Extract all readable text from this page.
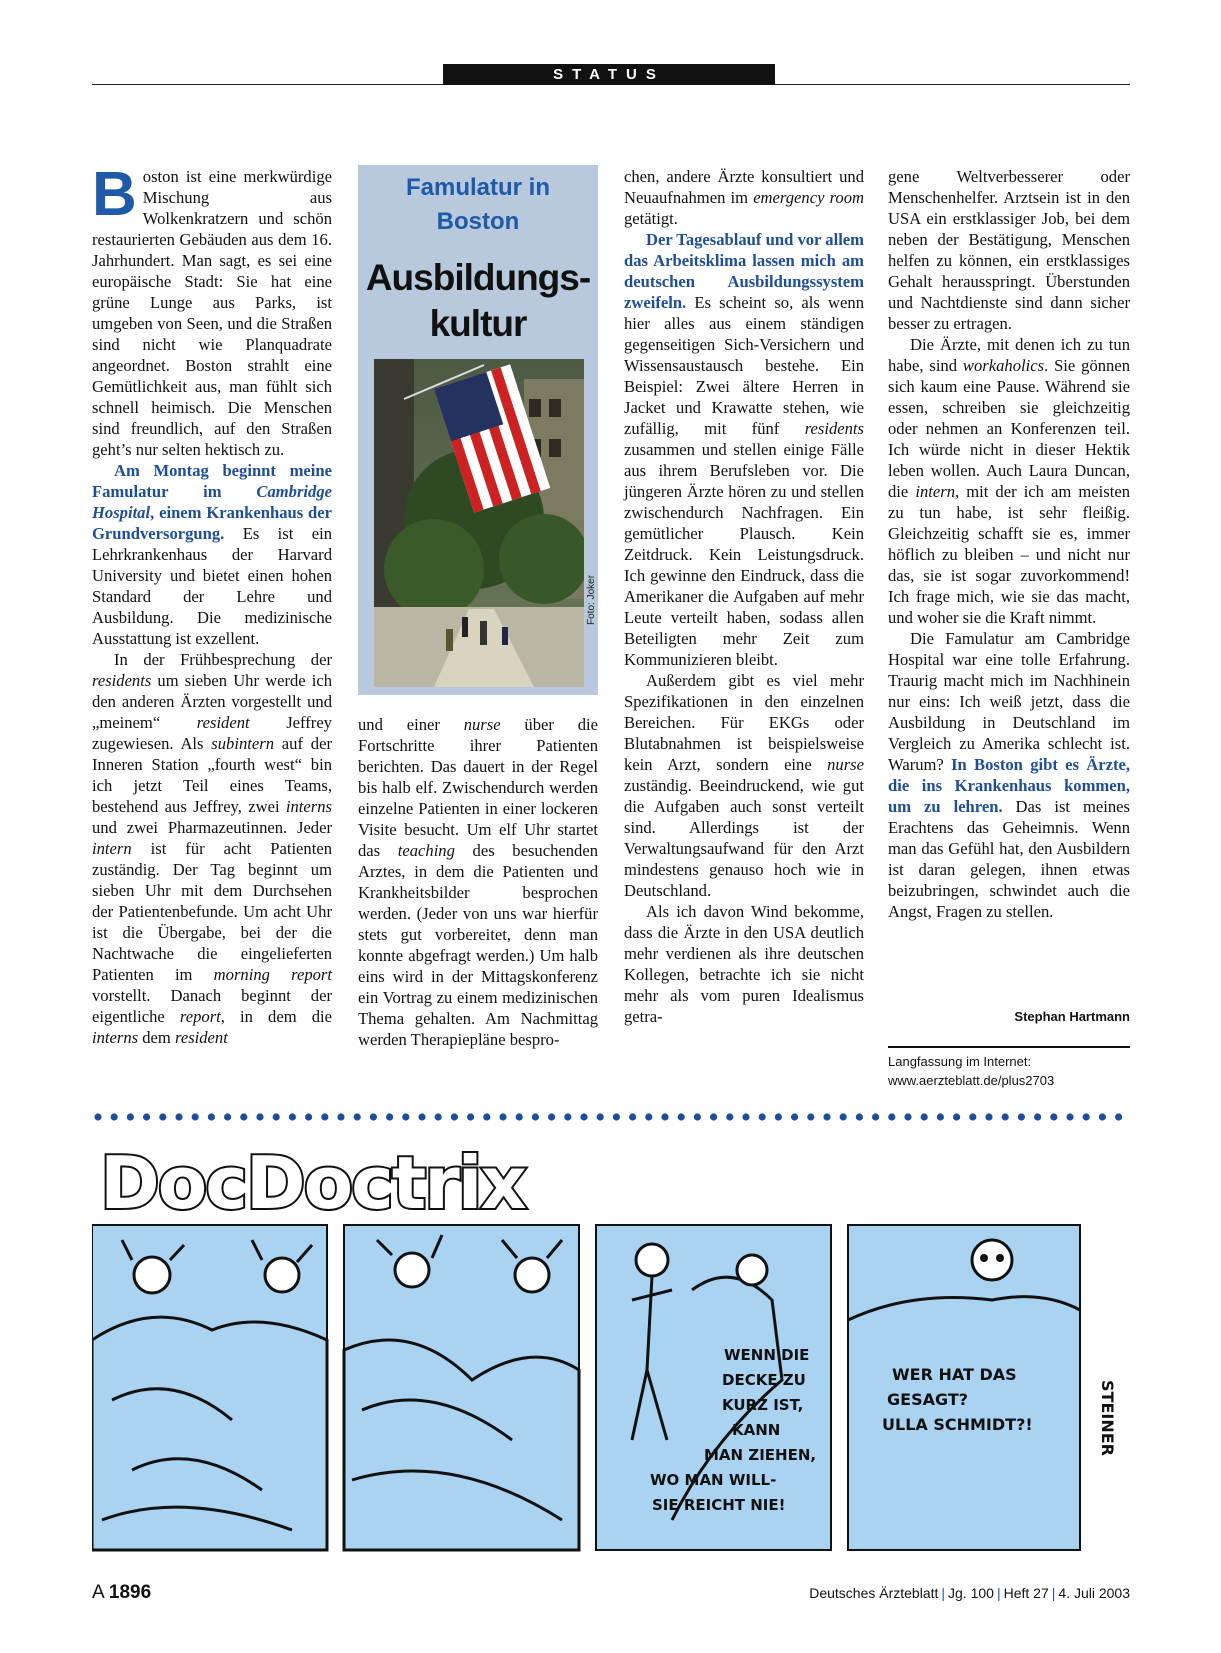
STATUS

Boston ist eine merkwürdige Mischung aus Wolkenkratzern und schön restaurierten Gebäuden aus dem 16. Jahrhundert. Man sagt, es sei eine europäische Stadt: Sie hat eine grüne Lunge aus Parks, ist umgeben von Seen, und die Straßen sind nicht wie Planquadrate angeordnet. Boston strahlt eine Gemütlichkeit aus, man fühlt sich schnell heimisch. Die Menschen sind freundlich, auf den Straßen geht’s nur selten hektisch zu.

Am Montag beginnt meine Famulatur im Cambridge Hospital, einem Krankenhaus der Grundversorgung. Es ist ein Lehrkrankenhaus der Harvard University und bietet einen hohen Standard der Lehre und Ausbildung. Die medizinische Ausstattung ist exzellent.

In der Frühbesprechung der residents um sieben Uhr werde ich den anderen Ärzten vorgestellt und „meinem“ resident Jeffrey zugewiesen. Als subintern auf der Inneren Station „fourth west“ bin ich jetzt Teil eines Teams, bestehend aus Jeffrey, zwei interns und zwei Pharmazeutinnen. Jeder intern ist für acht Patienten zuständig. Der Tag beginnt um sieben Uhr mit dem Durchsehen der Patientenbefunde. Um acht Uhr ist die Übergabe, bei der die Nachtwache die eingelieferten Patienten im morning report vorstellt. Danach beginnt der eigentliche report, in dem die interns dem resident

Famulatur in
Boston
Ausbildungs-
kultur
Foto: Joker

und einer nurse über die Fortschritte ihrer Patienten berichten. Das dauert in der Regel bis halb elf. Zwischendurch werden einzelne Patienten in einer lockeren Visite besucht. Um elf Uhr startet das teaching des besuchenden Arztes, in dem die Patienten und Krankheitsbilder besprochen werden. (Jeder von uns war hierfür stets gut vorbereitet, denn man konnte abgefragt werden.) Um halb eins wird in der Mittagskonferenz ein Vortrag zu einem medizinischen Thema gehalten. Am Nachmittag werden Therapiepläne bespro-

chen, andere Ärzte konsultiert und Neuaufnahmen im emergency room getätigt.

Der Tagesablauf und vor allem das Arbeitsklima lassen mich am deutschen Ausbildungssystem zweifeln. Es scheint so, als wenn hier alles aus einem ständigen gegenseitigen Sich-Versichern und Wissensaustausch bestehe. Ein Beispiel: Zwei ältere Herren in Jacket und Krawatte stehen, wie zufällig, mit fünf residents zusammen und stellen einige Fälle aus ihrem Berufsleben vor. Die jüngeren Ärzte hören zu und stellen zwischendurch Nachfragen. Ein gemütlicher Plausch. Kein Zeitdruck. Kein Leistungsdruck. Ich gewinne den Eindruck, dass die Amerikaner die Aufgaben auf mehr Leute verteilt haben, sodass allen Beteiligten mehr Zeit zum Kommunizieren bleibt.

Außerdem gibt es viel mehr Spezifikationen in den einzelnen Bereichen. Für EKGs oder Blutabnahmen ist beispielsweise kein Arzt, sondern eine nurse zuständig. Beeindruckend, wie gut die Aufgaben auch sonst verteilt sind. Allerdings ist der Verwaltungsaufwand für den Arzt mindestens genauso hoch wie in Deutschland.

Als ich davon Wind bekomme, dass die Ärzte in den USA deutlich mehr verdienen als ihre deutschen Kollegen, betrachte ich sie nicht mehr als vom puren Idealismus getra-

gene Weltverbesserer oder Menschenhelfer. Arztsein ist in den USA ein erstklassiger Job, bei dem neben der Bestätigung, Menschen helfen zu können, ein erstklassiges Gehalt herausspringt. Überstunden und Nachtdienste sind dann sicher besser zu ertragen.

Die Ärzte, mit denen ich zu tun habe, sind workaholics. Sie gönnen sich kaum eine Pause. Während sie essen, schreiben sie gleichzeitig oder nehmen an Konferenzen teil. Ich würde nicht in dieser Hektik leben wollen. Auch Laura Duncan, die intern, mit der ich am meisten zu tun habe, ist sehr fleißig. Gleichzeitig schafft sie es, immer höflich zu bleiben – und nicht nur das, sie ist sogar zuvorkommend! Ich frage mich, wie sie das macht, und woher sie die Kraft nimmt.

Die Famulatur am Cambridge Hospital war eine tolle Erfahrung. Traurig macht mich im Nachhinein nur eins: Ich weiß jetzt, dass die Ausbildung in Deutschland im Vergleich zu Amerika schlecht ist. Warum? In Boston gibt es Ärzte, die ins Krankenhaus kommen, um zu lehren. Das ist meines Erachtens das Geheimnis. Wenn man das Gefühl hat, den Ausbildern ist daran gelegen, ihnen etwas beizubringen, schwindet auch die Angst, Fragen zu stellen.

Stephan Hartmann
Langfassung im Internet:
www.aerzteblatt.de/plus2703
DocDoctrix
WENN DIE
DECKE ZU
KURZ IST,
KANN
MAN ZIEHEN,
WO MAN WILL-
SIE REICHT NIE!
WER HAT DAS
GESAGT?
ULLA SCHMIDT?!	STEINER
A 1896	Deutsches Ärzteblatt | Jg. 100 | Heft 27 | 4. Juli 2003
